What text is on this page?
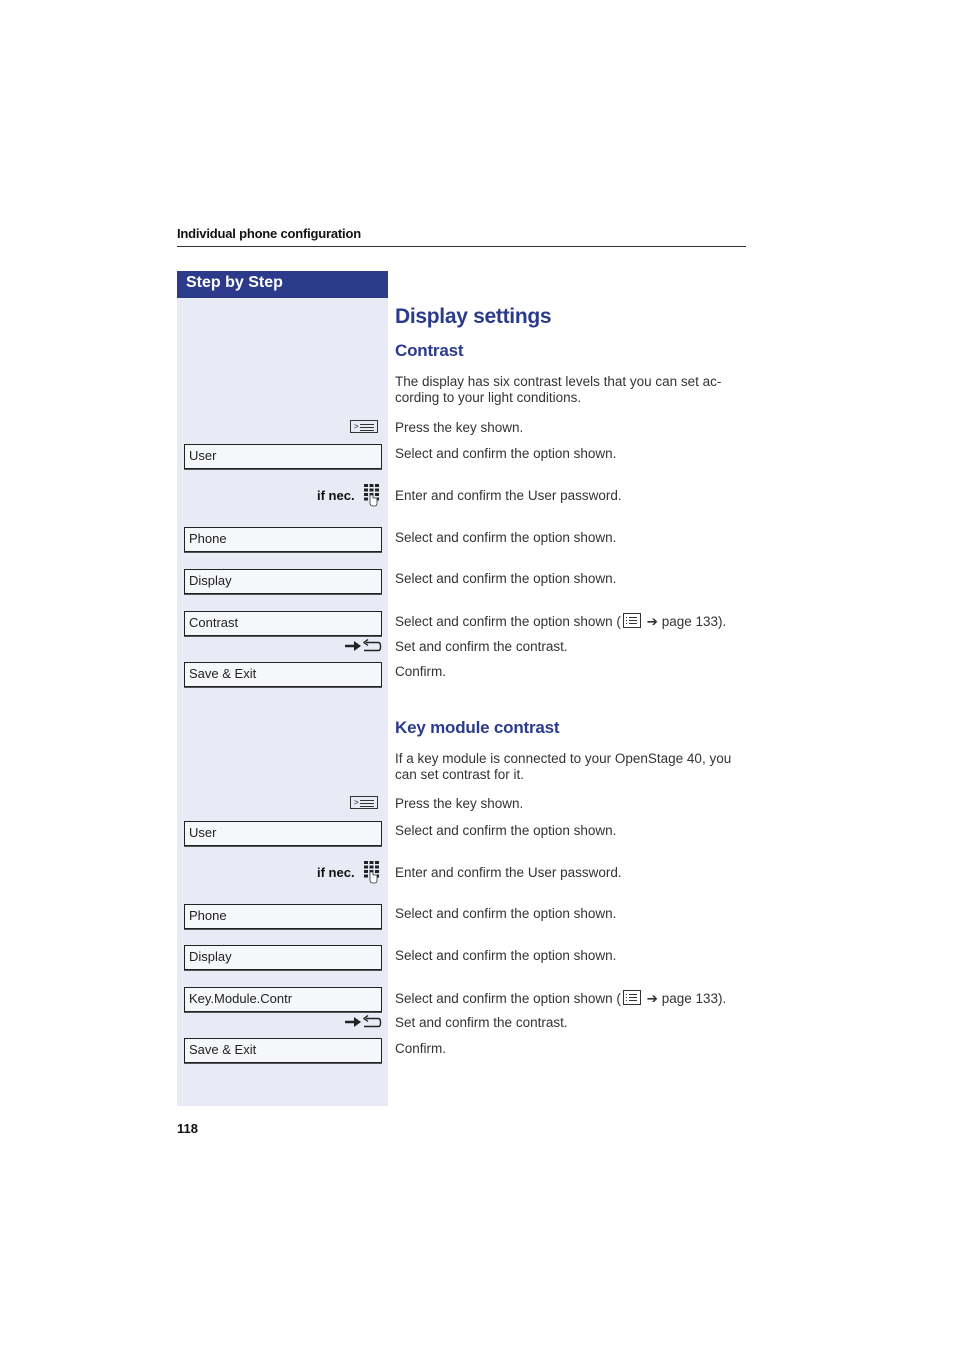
Individual phone configuration
Step by Step
Display settings
Contrast
The display has six contrast levels that you can set ac-cording to your light conditions.
>	Press the key shown.
User	Select and confirm the option shown.
if nec.	Enter and confirm the User password.
Phone	Select and confirm the option shown.
Display	Select and confirm the option shown.
Contrast	Select and confirm the option shown ( ➔ page 133).
Set and confirm the contrast.
Save & Exit	Confirm.
Key module contrast
If a key module is connected to your OpenStage 40, you can set contrast for it.
>	Press the key shown.
User	Select and confirm the option shown.
if nec.	Enter and confirm the User password.
Phone	Select and confirm the option shown.
Display	Select and confirm the option shown.
Key.Module.Contr	Select and confirm the option shown ( ➔ page 133).
Set and confirm the contrast.
Save & Exit	Confirm.
118
